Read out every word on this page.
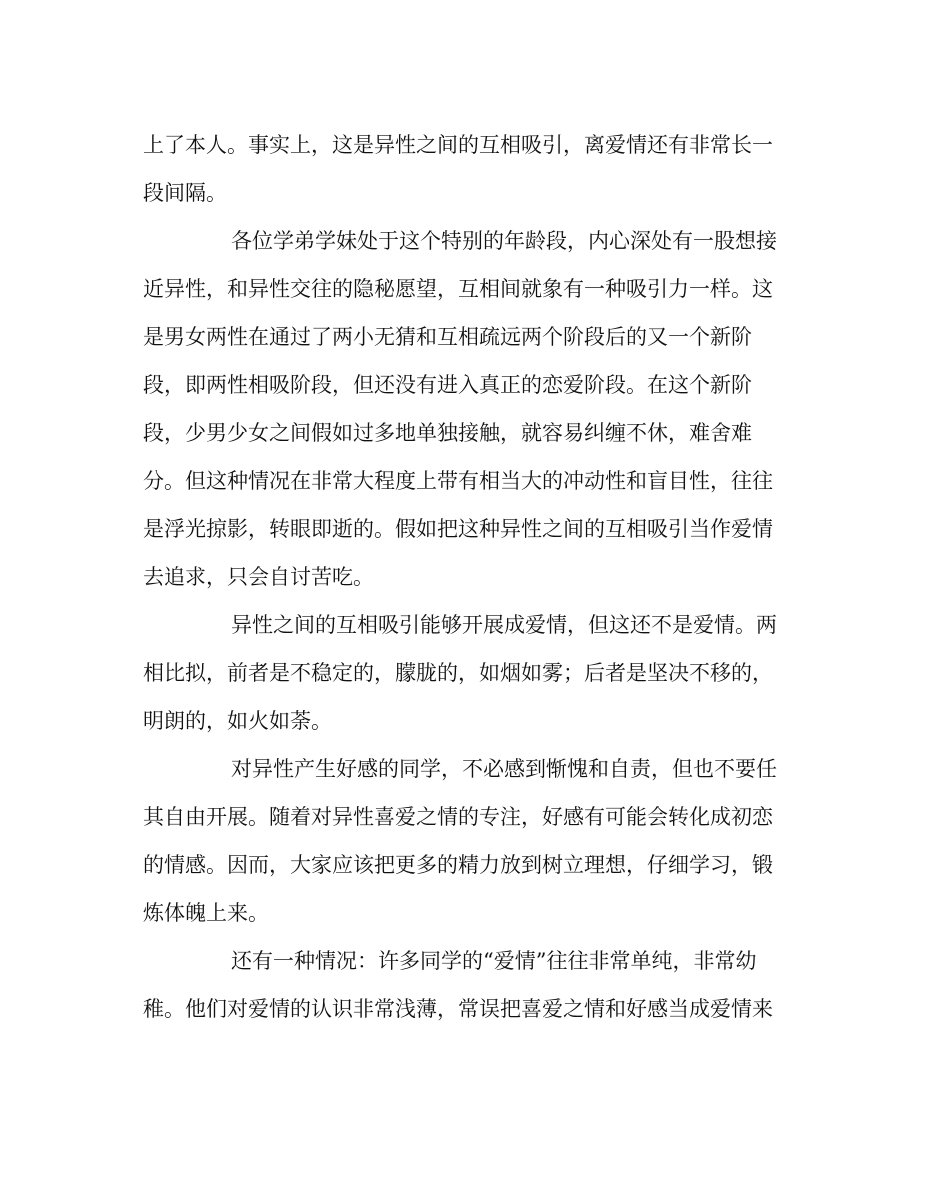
上了本人。事实上，这是异性之间的互相吸引，离爱情还有非常长一
段间隔。
各位学弟学妹处于这个特别的年龄段，内心深处有一股想接
近异性，和异性交往的隐秘愿望，互相间就象有一种吸引力一样。这
是男女两性在通过了两小无猜和互相疏远两个阶段后的又一个新阶
段，即两性相吸阶段，但还没有进入真正的恋爱阶段。在这个新阶
段，少男少女之间假如过多地单独接触，就容易纠缠不休，难舍难
分。但这种情况在非常大程度上带有相当大的冲动性和盲目性，往往
是浮光掠影，转眼即逝的。假如把这种异性之间的互相吸引当作爱情
去追求，只会自讨苦吃。
异性之间的互相吸引能够开展成爱情，但这还不是爱情。两
相比拟，前者是不稳定的，朦胧的，如烟如雾；后者是坚决不移的，
明朗的，如火如荼。
对异性产生好感的同学，不必感到惭愧和自责，但也不要任
其自由开展。随着对异性喜爱之情的专注，好感有可能会转化成初恋
的情感。因而，大家应该把更多的精力放到树立理想，仔细学习，锻
炼体魄上来。
还有一种情况：许多同学的“爱情”往往非常单纯，非常幼
稚。他们对爱情的认识非常浅薄，常误把喜爱之情和好感当成爱情来
